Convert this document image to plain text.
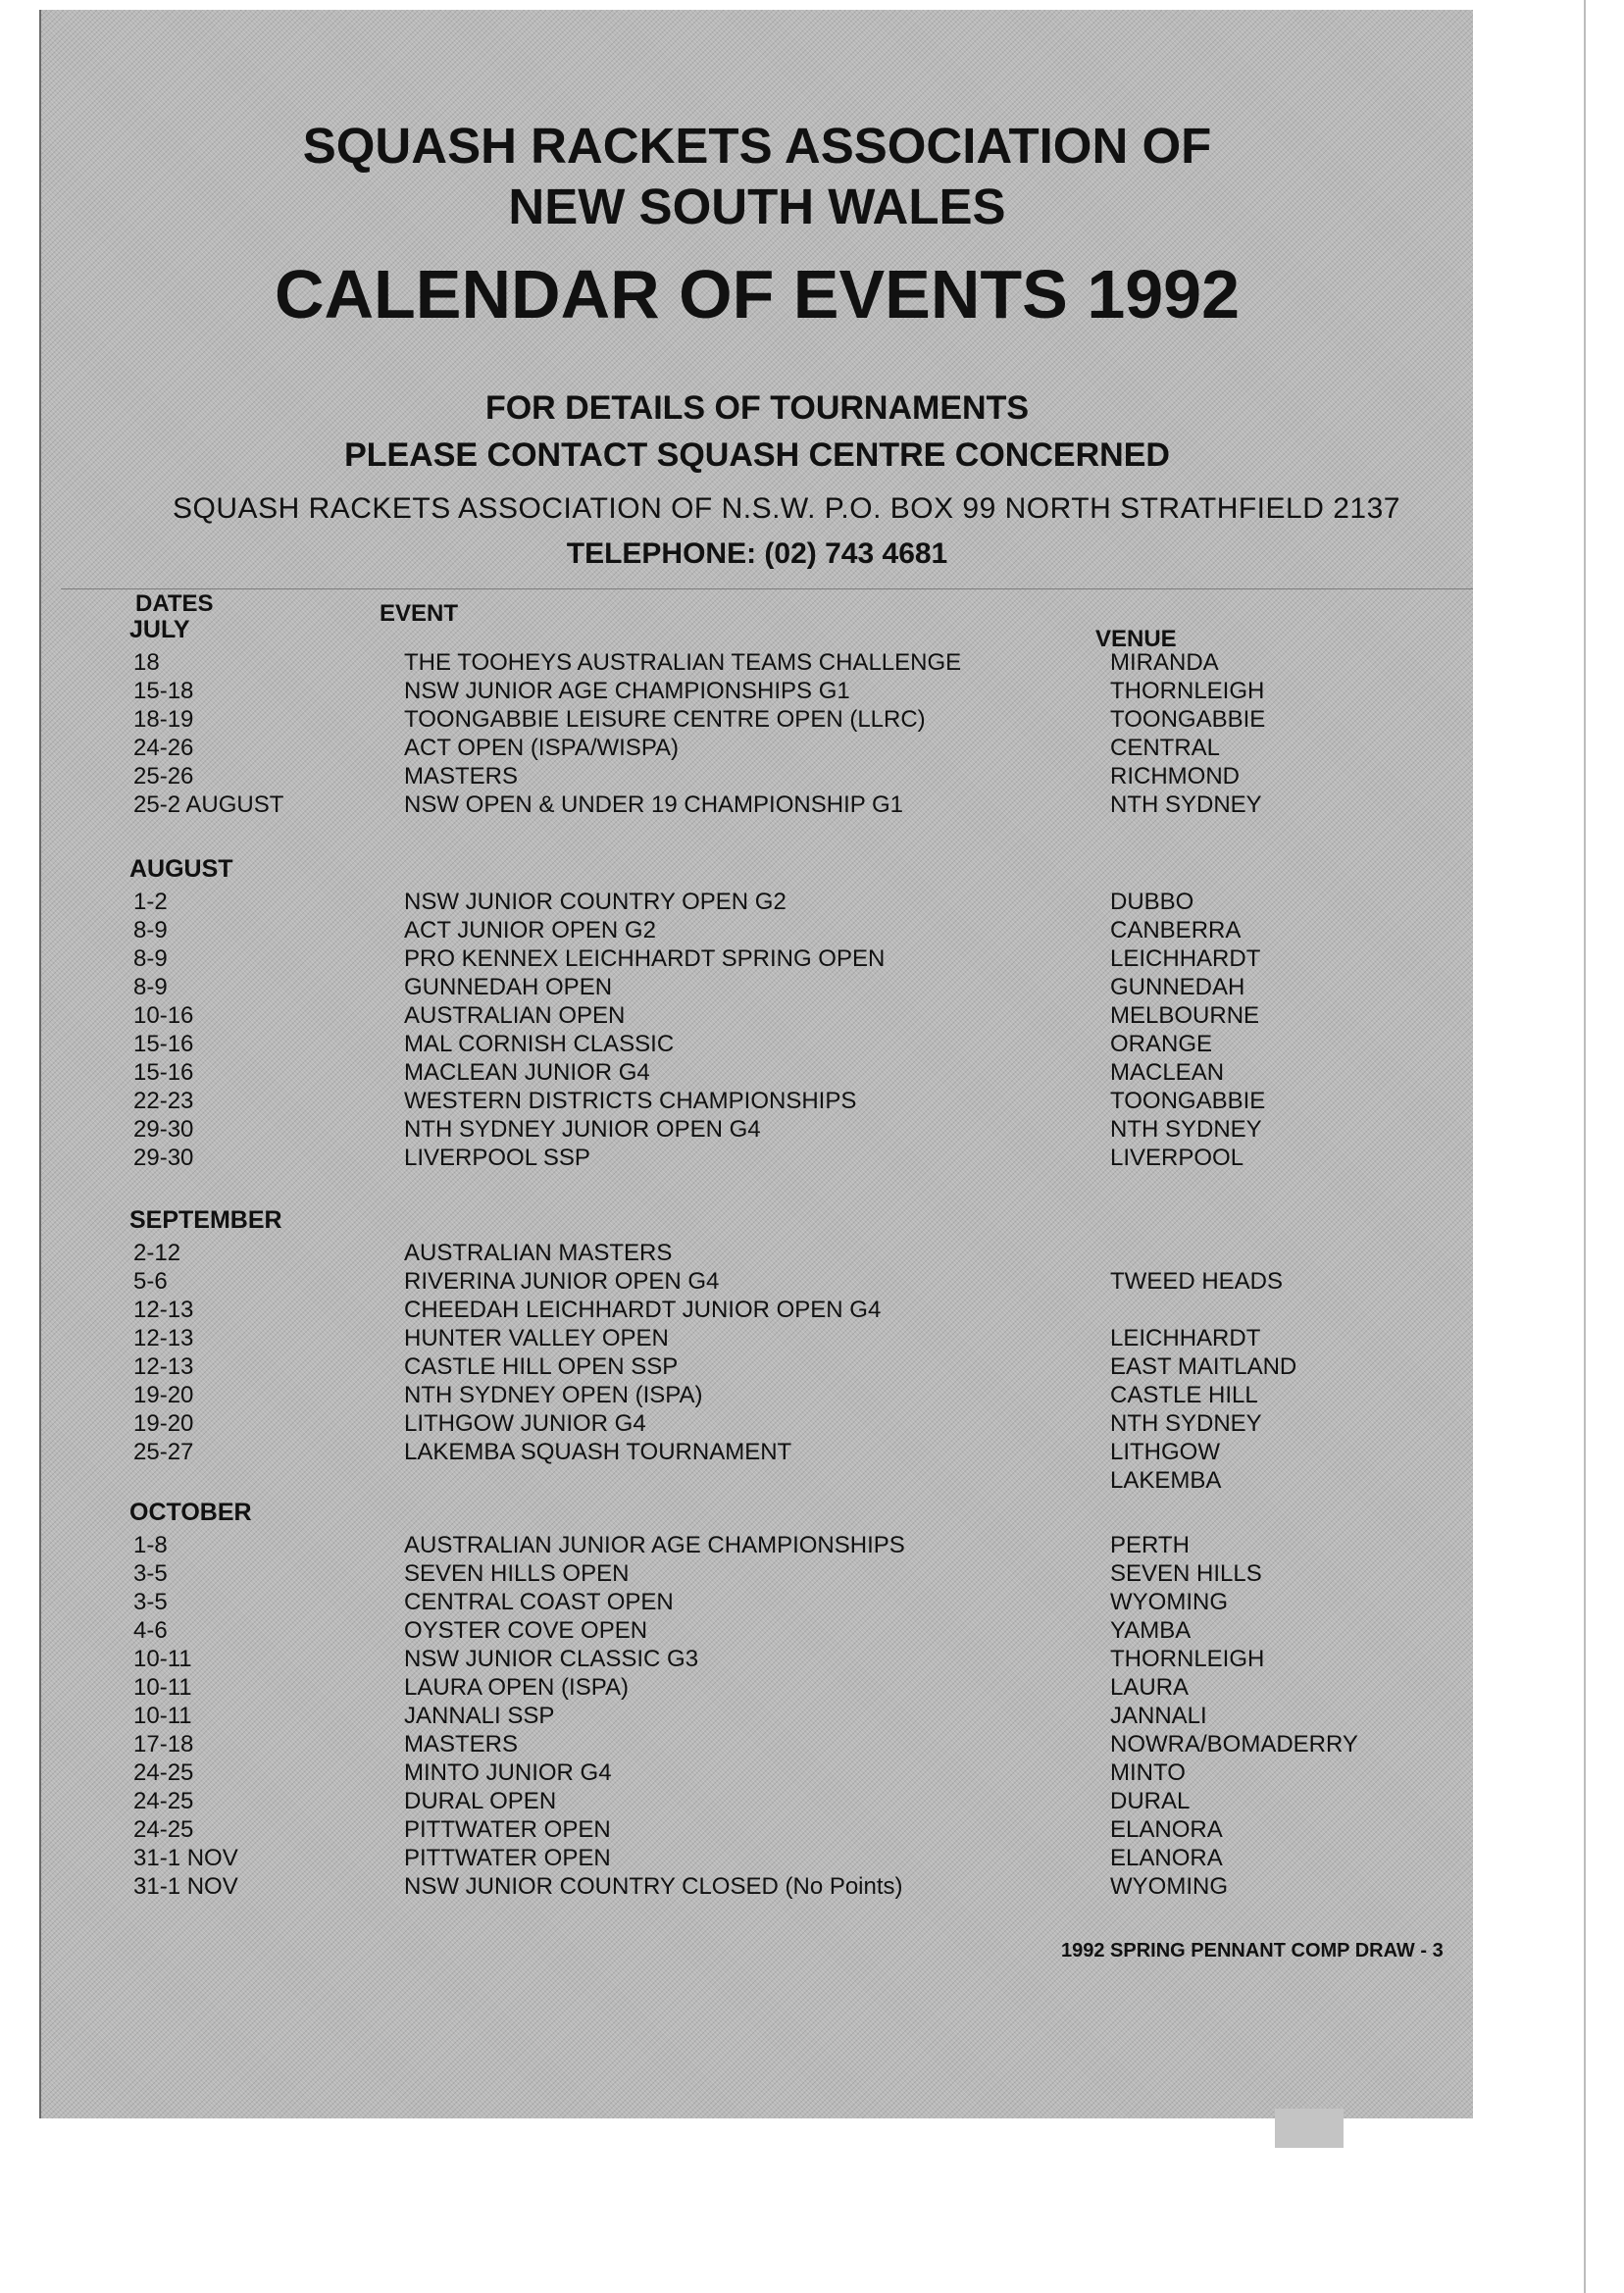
SQUASH RACKETS ASSOCIATION OF
NEW SOUTH WALES
CALENDAR OF EVENTS 1992
FOR DETAILS OF TOURNAMENTS
PLEASE CONTACT SQUASH CENTRE CONCERNED
SQUASH RACKETS ASSOCIATION OF N.S.W. P.O. BOX 99 NORTH STRATHFIELD 2137
TELEPHONE: (02) 743 4681
DATES	EVENT
VENUE
JULY
18	THE TOOHEYS AUSTRALIAN TEAMS CHALLENGE	MIRANDA
15-18	NSW JUNIOR AGE CHAMPIONSHIPS G1	THORNLEIGH
18-19	TOONGABBIE LEISURE CENTRE OPEN (LLRC)	TOONGABBIE
24-26	ACT OPEN (ISPA/WISPA)	CENTRAL
25-26	MASTERS	RICHMOND
25-2 AUGUST	NSW OPEN & UNDER 19 CHAMPIONSHIP G1	NTH SYDNEY
AUGUST
1-2	NSW JUNIOR COUNTRY OPEN G2	DUBBO
8-9	ACT JUNIOR OPEN G2	CANBERRA
8-9	PRO KENNEX LEICHHARDT SPRING OPEN	LEICHHARDT
8-9	GUNNEDAH OPEN	GUNNEDAH
10-16	AUSTRALIAN OPEN	MELBOURNE
15-16	MAL CORNISH CLASSIC	ORANGE
15-16	MACLEAN JUNIOR G4	MACLEAN
22-23	WESTERN DISTRICTS CHAMPIONSHIPS	TOONGABBIE
29-30	NTH SYDNEY JUNIOR OPEN G4	NTH SYDNEY
29-30	LIVERPOOL SSP	LIVERPOOL
SEPTEMBER
2-12	AUSTRALIAN MASTERS
5-6	RIVERINA JUNIOR OPEN G4	TWEED HEADS
12-13	CHEEDAH LEICHHARDT JUNIOR OPEN G4
12-13	HUNTER VALLEY OPEN	LEICHHARDT
12-13	CASTLE HILL OPEN SSP	EAST MAITLAND
19-20	NTH SYDNEY OPEN (ISPA)	CASTLE HILL
19-20	LITHGOW JUNIOR G4	NTH SYDNEY
25-27	LAKEMBA SQUASH TOURNAMENT	LITHGOW
LAKEMBA
OCTOBER
1-8	AUSTRALIAN JUNIOR AGE CHAMPIONSHIPS	PERTH
3-5	SEVEN HILLS OPEN	SEVEN HILLS
3-5	CENTRAL COAST OPEN	WYOMING
4-6	OYSTER COVE OPEN	YAMBA
10-11	NSW JUNIOR CLASSIC G3	THORNLEIGH
10-11	LAURA OPEN (ISPA)	LAURA
10-11	JANNALI SSP	JANNALI
17-18	MASTERS	NOWRA/BOMADERRY
24-25	MINTO JUNIOR G4	MINTO
24-25	DURAL OPEN	DURAL
24-25	PITTWATER OPEN	ELANORA
31-1 NOV	PITTWATER OPEN	ELANORA
31-1 NOV	NSW JUNIOR COUNTRY CLOSED (No Points)	WYOMING
1992 SPRING PENNANT COMP DRAW - 3
